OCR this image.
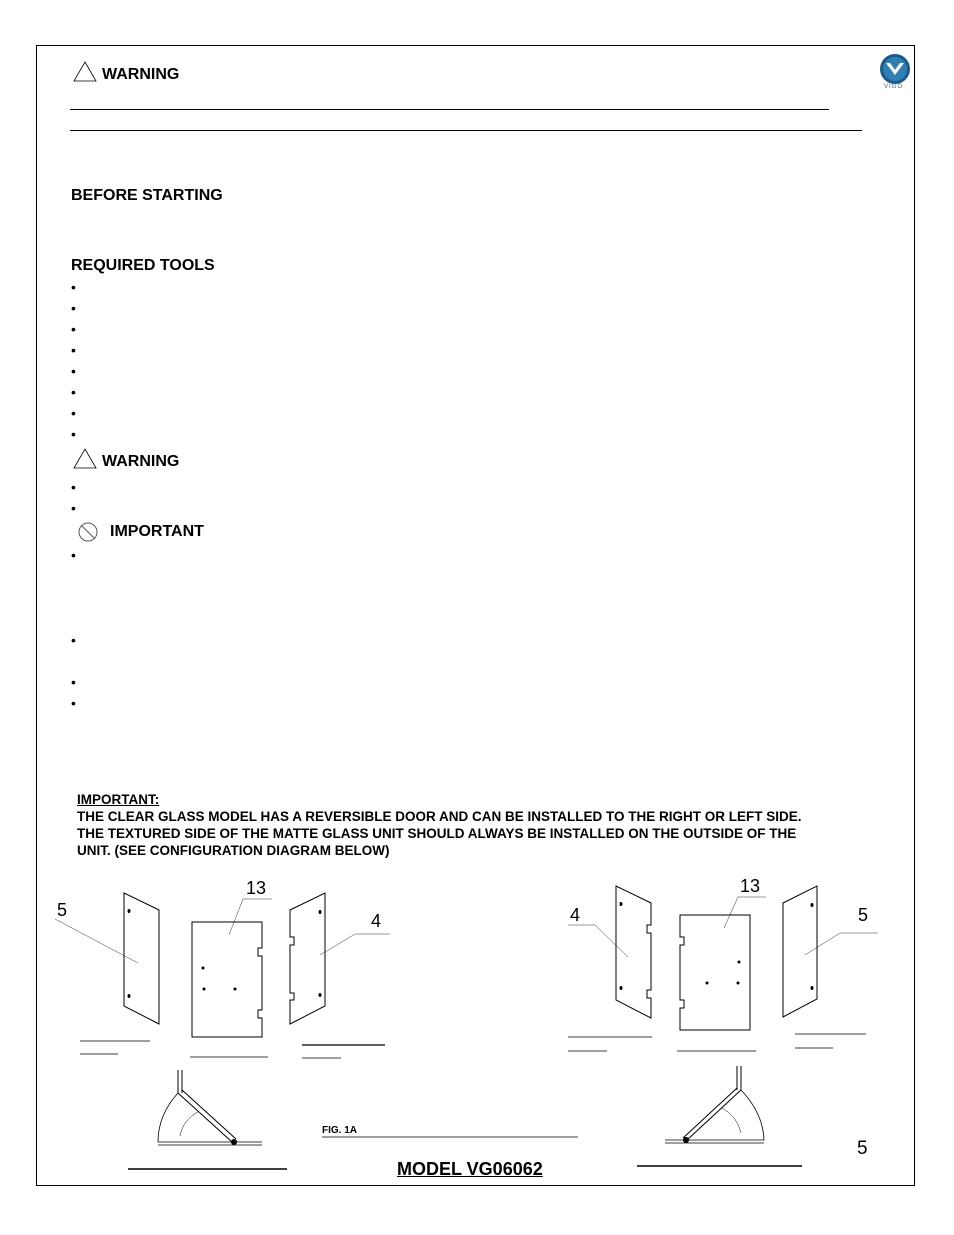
VIGO
WARNING
BEFORE STARTING
REQUIRED TOOLS
•
•
•
•
•
•
•
•
WARNING
•
•
IMPORTANT
•
•
•
•
IMPORTANT:
THE CLEAR GLASS MODEL HAS A REVERSIBLE DOOR AND CAN BE INSTALLED TO THE RIGHT OR LEFT SIDE.
THE TEXTURED SIDE OF THE MATTE GLASS UNIT SHOULD ALWAYS BE INSTALLED ON THE OUTSIDE OF THE
UNIT. (SEE CONFIGURATION DIAGRAM BELOW)
5
13
4	4
13
5
FIG. 1A
MODEL VG06062
5
